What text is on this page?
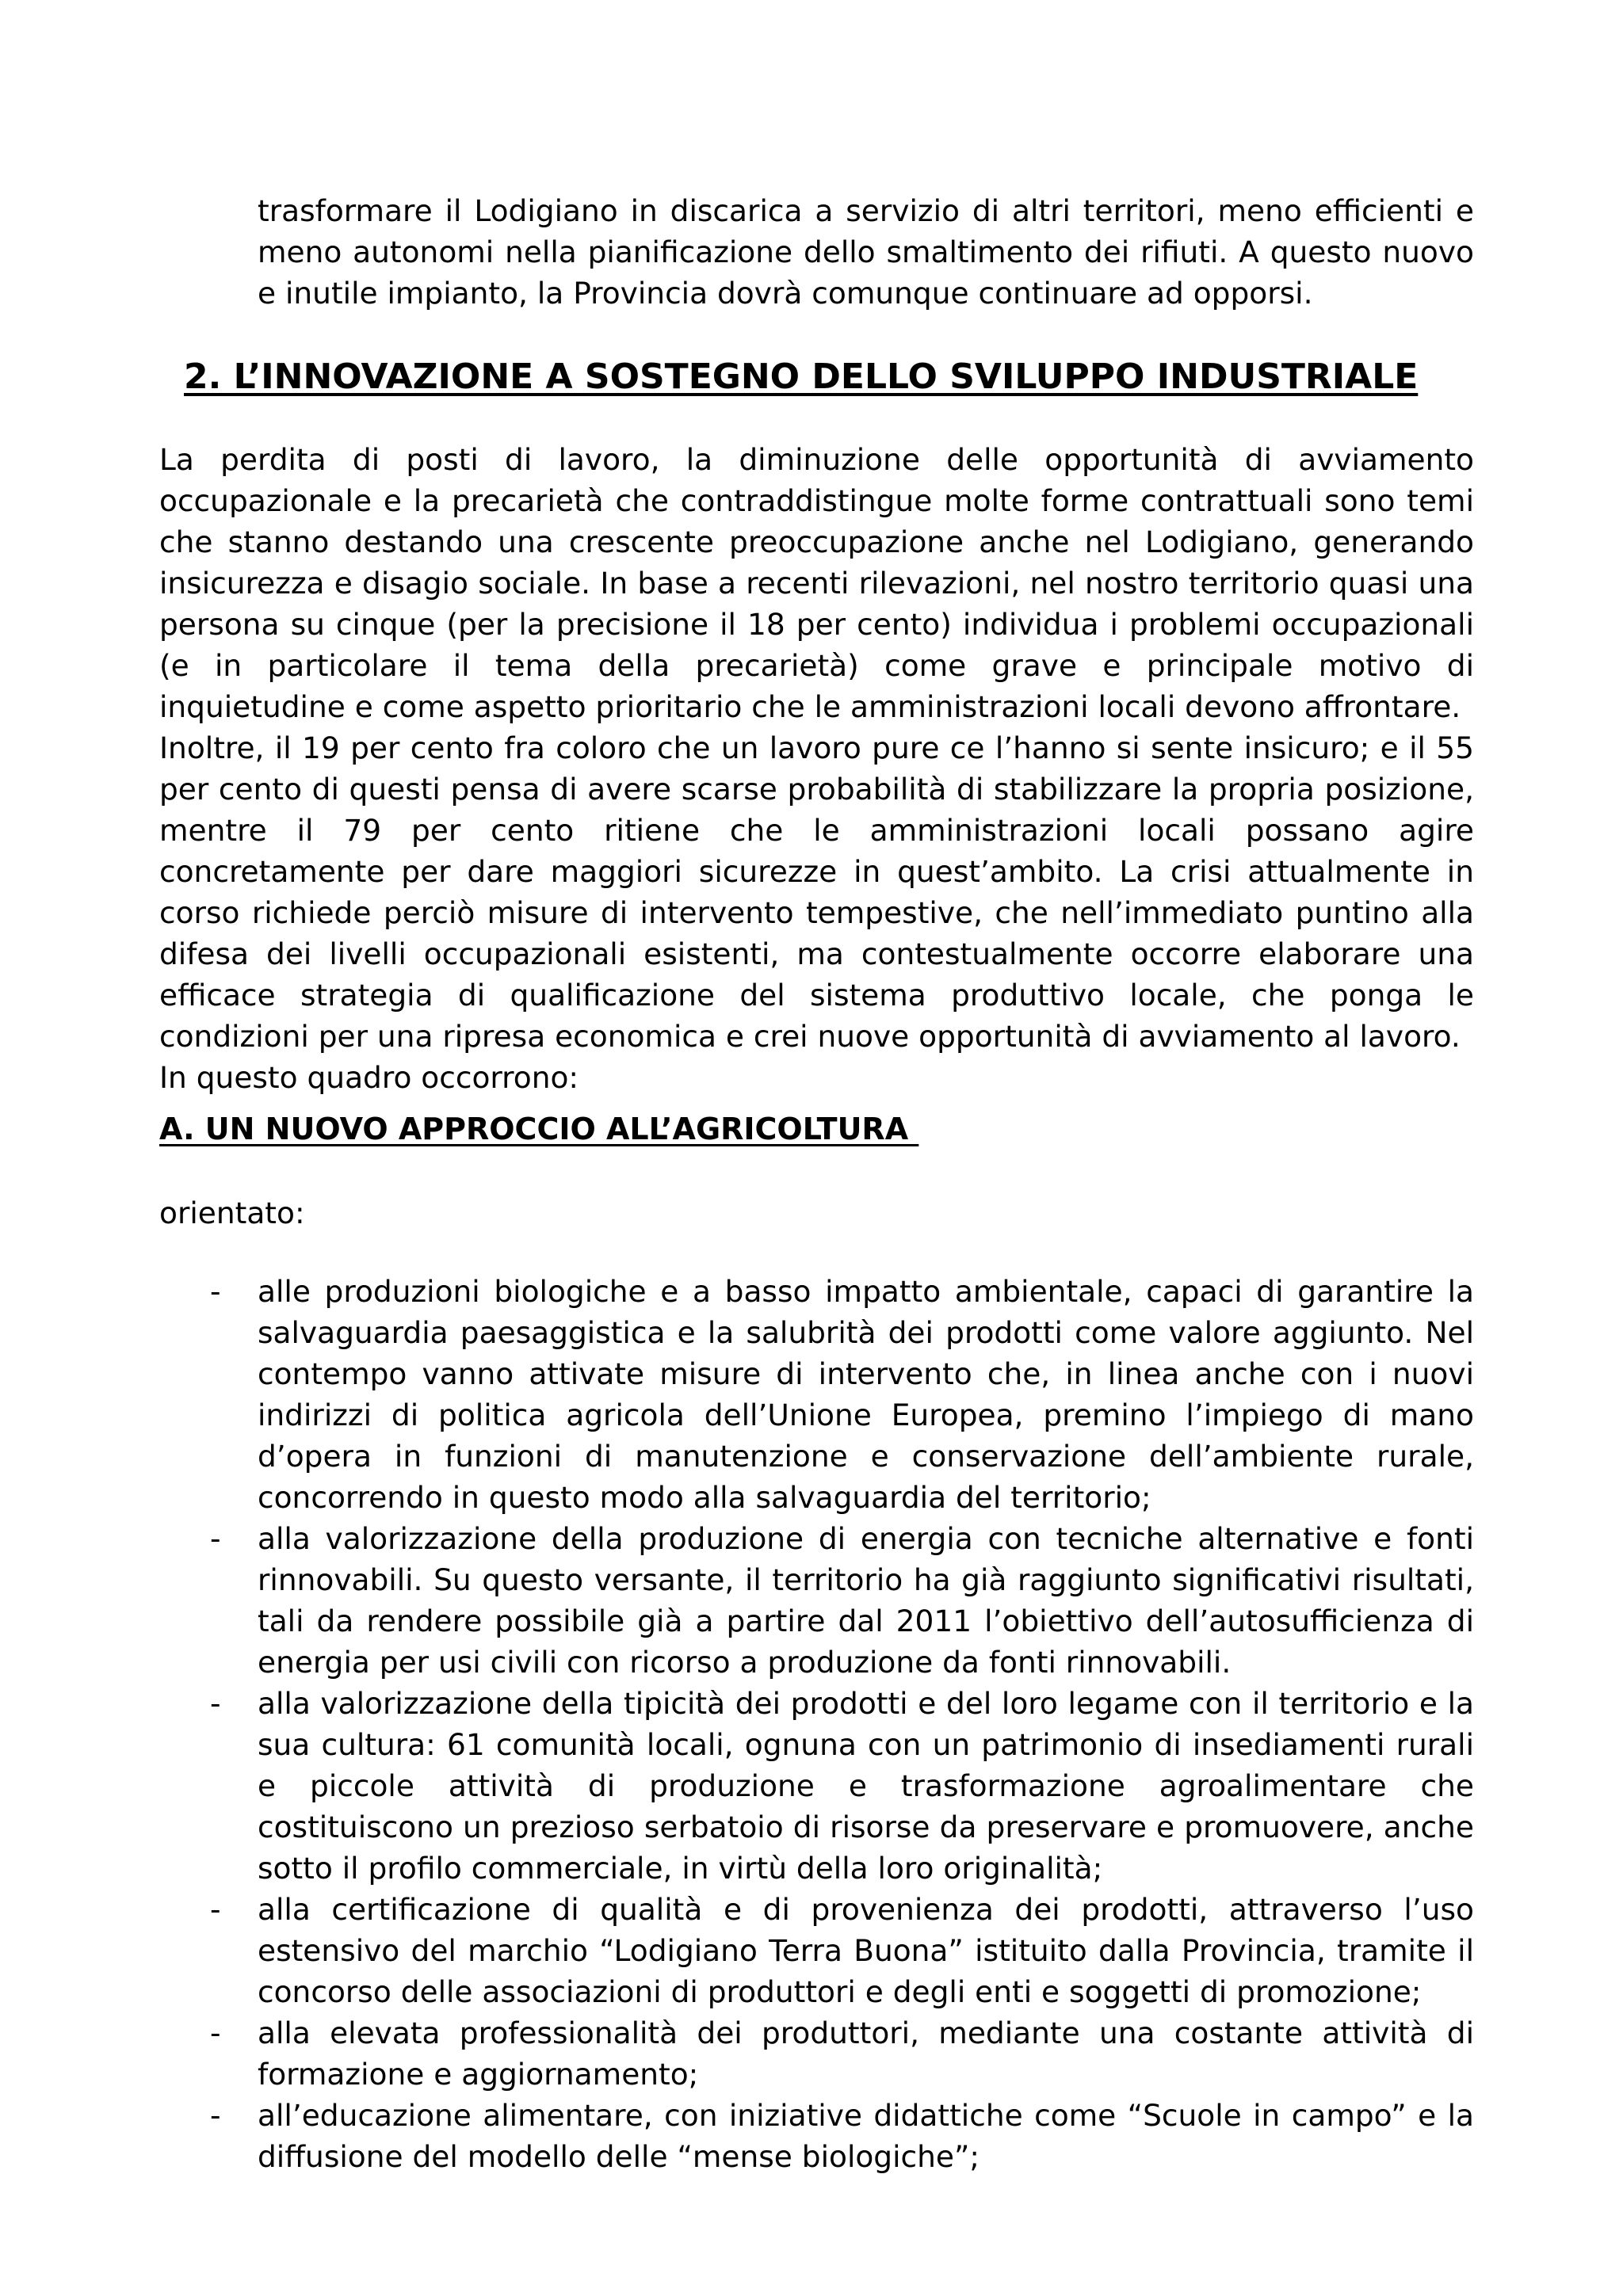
trasformare il Lodigiano in discarica a servizio di altri territori, meno efficienti e meno autonomi nella pianificazione dello smaltimento dei rifiuti. A questo nuovo e inutile impianto, la Provincia dovrà comunque continuare ad opporsi.

2. L’INNOVAZIONE A SOSTEGNO DELLO SVILUPPO INDUSTRIALE

La perdita di posti di lavoro, la diminuzione delle opportunità di avviamento occupazionale e la precarietà che contraddistingue molte forme contrattuali sono temi che stanno destando una crescente preoccupazione anche nel Lodigiano, generando insicurezza e disagio sociale. In base a recenti rilevazioni, nel nostro territorio quasi una persona su cinque (per la precisione il 18 per cento) individua i problemi occupazionali (e in particolare il tema della precarietà) come grave e principale motivo di inquietudine e come aspetto prioritario che le amministrazioni locali devono affrontare.

Inoltre, il 19 per cento fra coloro che un lavoro pure ce l’hanno si sente insicuro; e il 55 per cento di questi pensa di avere scarse probabilità di stabilizzare la propria posizione, mentre il 79 per cento ritiene che le amministrazioni locali possano agire concretamente per dare maggiori sicurezze in quest’ambito. La crisi attualmente in corso richiede perciò misure di intervento tempestive, che nell’immediato puntino alla difesa dei livelli occupazionali esistenti, ma contestualmente occorre elaborare una efficace strategia di qualificazione del sistema produttivo locale, che ponga le condizioni per una ripresa economica e crei nuove opportunità di avviamento al lavoro.

In questo quadro occorrono:

A. UN NUOVO APPROCCIO ALL’AGRICOLTURA

orientato:

- alle produzioni biologiche e a basso impatto ambientale, capaci di garantire la salvaguardia paesaggistica e la salubrità dei prodotti come valore aggiunto. Nel contempo vanno attivate misure di intervento che, in linea anche con i nuovi indirizzi di politica agricola dell’Unione Europea, premino l’impiego di mano d’opera in funzioni di manutenzione e conservazione dell’ambiente rurale, concorrendo in questo modo alla salvaguardia del territorio;

- alla valorizzazione della produzione di energia con tecniche alternative e fonti rinnovabili. Su questo versante, il territorio ha già raggiunto significativi risultati, tali da rendere possibile già a partire dal 2011 l’obiettivo dell’autosufficienza di energia per usi civili con ricorso a produzione da fonti rinnovabili.

- alla valorizzazione della tipicità dei prodotti e del loro legame con il territorio e la sua cultura: 61 comunità locali, ognuna con un patrimonio di insediamenti rurali e piccole attività di produzione e trasformazione agroalimentare che costituiscono un prezioso serbatoio di risorse da preservare e promuovere, anche sotto il profilo commerciale, in virtù della loro originalità;

- alla certificazione di qualità e di provenienza dei prodotti, attraverso l’uso estensivo del marchio “Lodigiano Terra Buona” istituito dalla Provincia, tramite il concorso delle associazioni di produttori e degli enti e soggetti di promozione;

- alla elevata professionalità dei produttori, mediante una costante attività di formazione e aggiornamento;

- all’educazione alimentare, con iniziative didattiche come “Scuole in campo” e la diffusione del modello delle “mense biologiche”;
